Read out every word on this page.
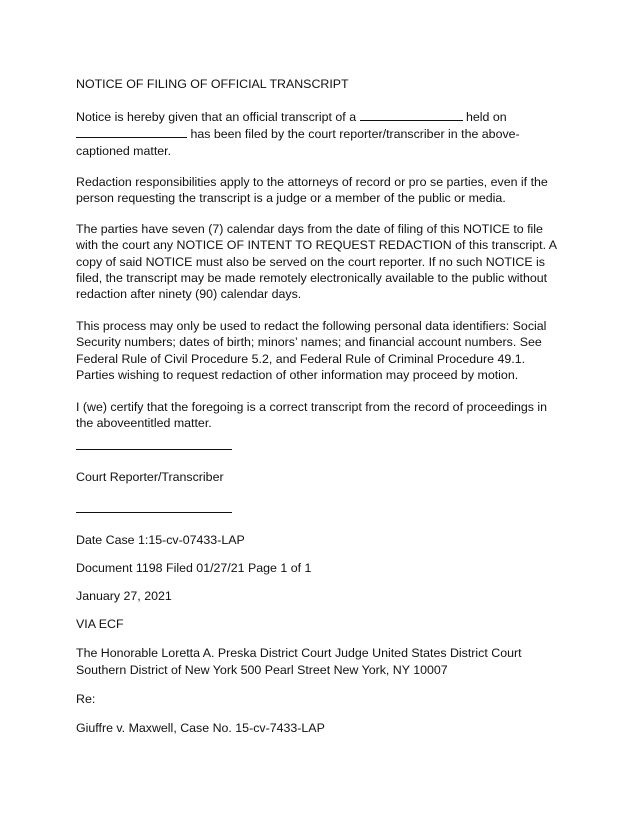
NOTICE OF FILING OF OFFICIAL TRANSCRIPT

Notice is hereby given that an official transcript of a	held on  has been filed by the court reporter/transcriber in the above-captioned matter.

Redaction responsibilities apply to the attorneys of record or pro se parties, even if the person requesting the transcript is a judge or a member of the public or media.

The parties have seven (7) calendar days from the date of filing of this NOTICE to file with the court any NOTICE OF INTENT TO REQUEST REDACTION of this transcript. A copy of said NOTICE must also be served on the court reporter. If no such NOTICE is filed, the transcript may be made remotely electronically available to the public without redaction after ninety (90) calendar days.

This process may only be used to redact the following personal data identifiers: Social Security numbers; dates of birth; minors’ names; and financial account numbers. See Federal Rule of Civil Procedure 5.2, and Federal Rule of Criminal Procedure 49.1. Parties wishing to request redaction of other information may proceed by motion.

I (we) certify that the foregoing is a correct transcript from the record of proceedings in the aboveentitled matter.

Court Reporter/Transcriber

Date Case 1:15-cv-07433-LAP

Document 1198 Filed 01/27/21 Page 1 of 1

January 27, 2021

VIA ECF

The Honorable Loretta A. Preska District Court Judge United States District Court Southern District of New York 500 Pearl Street New York, NY 10007

Re:

Giuffre v. Maxwell, Case No. 15-cv-7433-LAP
